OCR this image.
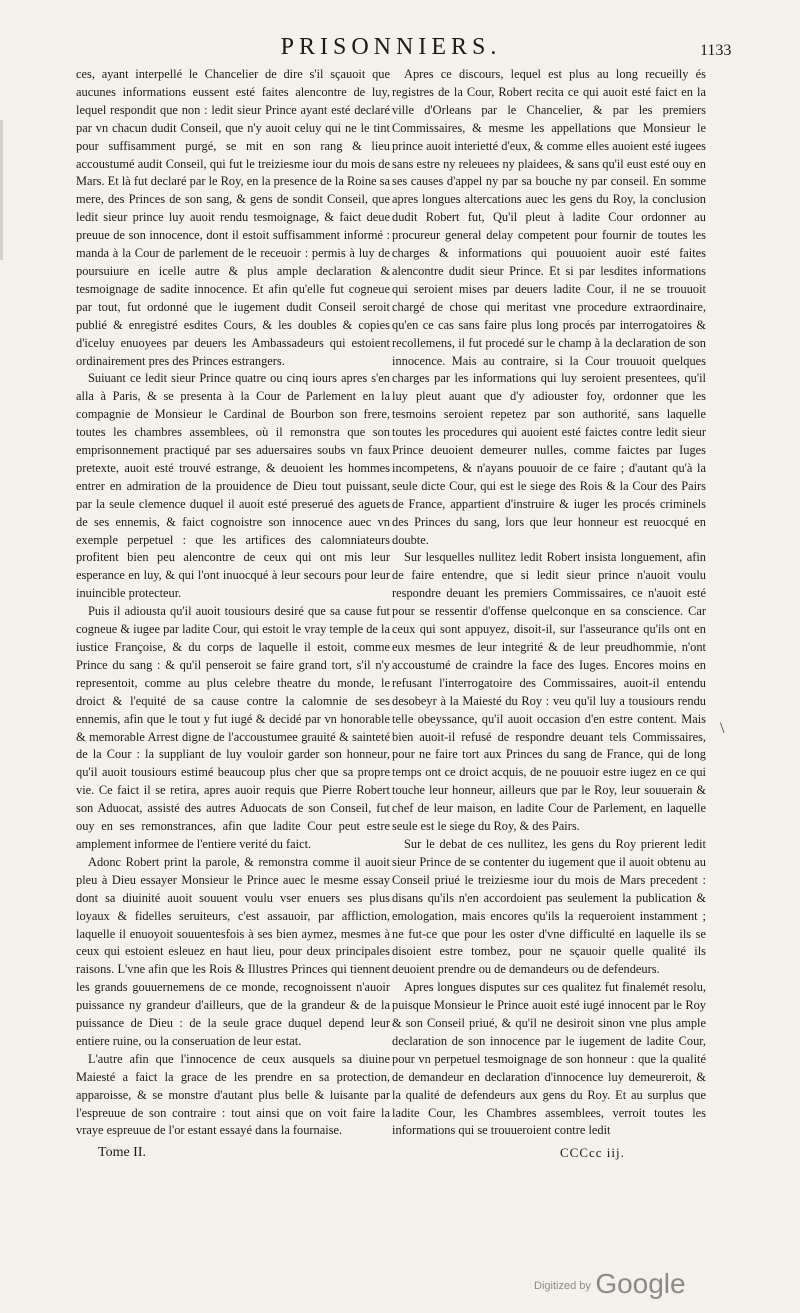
PRISONNIERS.	1133

ces, ayant interpellé le Chancelier de dire s'il sçauoit que aucunes informations eussent esté faites alencontre de luy, lequel respondit que non : ledit sieur Prince ayant esté declaré par vn chacun dudit Conseil, que n'y auoit celuy qui ne le tint pour suffisamment purgé, se mit en son rang & lieu accoustumé audit Conseil, qui fut le treiziesme iour du mois de Mars. Et là fut declaré par le Roy, en la presence de la Roine sa mere, des Princes de son sang, & gens de sondit Conseil, que ledit sieur prince luy auoit rendu tesmoignage, & faict deue preuue de son innocence, dont il estoit suffisamment informé : manda à la Cour de parlement de le receuoir : permis à luy de poursuiure en icelle autre & plus ample declaration & tesmoignage de sadite innocence. Et afin qu'elle fut cogneue par tout, fut ordonné que le iugement dudit Conseil seroit publié & enregistré esdites Cours, & les doubles & copies d'iceluy enuoyees par deuers les Ambassadeurs qui estoient ordinairement pres des Princes estrangers.

Suiuant ce ledit sieur Prince quatre ou cinq iours apres s'en alla à Paris, & se presenta à la Cour de Parlement en la compagnie de Monsieur le Cardinal de Bourbon son frere, toutes les chambres assemblees, où il remonstra que son emprisonnement practiqué par ses aduersaires soubs vn faux pretexte, auoit esté trouvé estrange, & deuoient les hommes entrer en admiration de la prouidence de Dieu tout puissant, par la seule clemence duquel il auoit esté preserué des aguets de ses ennemis, & faict cognoistre son innocence auec vn exemple perpetuel : que les artifices des calomniateurs profitent bien peu alencontre de ceux qui ont mis leur esperance en luy, & qui l'ont inuocqué à leur secours pour leur inuincible protecteur.

Puis il adiousta qu'il auoit tousiours desiré que sa cause fut cogneue & iugee par ladite Cour, qui estoit le vray temple de la iustice Françoise, & du corps de laquelle il estoit, comme Prince du sang : & qu'il penseroit se faire grand tort, s'il n'y representoit, comme au plus celebre theatre du monde, le droict & l'equité de sa cause contre la calomnie de ses ennemis, afin que le tout y fut iugé & decidé par vn honorable & memorable Arrest digne de l'accoustumee grauité & sainteté de la Cour : la suppliant de luy vouloir garder son honneur, qu'il auoit tousiours estimé beaucoup plus cher que sa propre vie. Ce faict il se retira, apres auoir requis que Pierre Robert son Aduocat, assisté des autres Aduocats de son Conseil, fut ouy en ses remonstrances, afin que ladite Cour peut estre amplement informee de l'entiere verité du faict.

Adonc Robert print la parole, & remonstra comme il auoit pleu à Dieu essayer Monsieur le Prince auec le mesme essay dont sa diuinité auoit souuent voulu vser enuers ses plus loyaux & fidelles seruiteurs, c'est assauoir, par affliction, laquelle il enuoyoit souuentesfois à ses bien aymez, mesmes à ceux qui estoient esleuez en haut lieu, pour deux principales raisons. L'vne afin que les Rois & Illustres Princes qui tiennent les grands gouuernemens de ce monde, recognoissent n'auoir puissance ny grandeur d'ailleurs, que de la grandeur & de la puissance de Dieu : de la seule grace duquel depend leur entiere ruine, ou la conseruation de leur estat.

L'autre afin que l'innocence de ceux ausquels sa diuine Maiesté a faict la grace de les prendre en sa protection, apparoisse, & se monstre d'autant plus belle & luisante par l'espreuue de son contraire : tout ainsi que on voit faire la vraye espreuue de l'or estant essayé dans la fournaise.

Apres ce discours, lequel est plus au long recueilly és registres de la Cour, Robert recita ce qui auoit esté faict en la ville d'Orleans par le Chancelier, & par les premiers Commissaires, & mesme les appellations que Monsieur le prince auoit interietté d'eux, & comme elles auoient esté iugees sans estre ny releuees ny plaidees, & sans qu'il eust esté ouy en ses causes d'appel ny par sa bouche ny par conseil. En somme apres longues altercations auec les gens du Roy, la conclusion dudit Robert fut, Qu'il pleut à ladite Cour ordonner au procureur general delay competent pour fournir de toutes les charges & informations qui pouuoient auoir esté faites alencontre dudit sieur Prince. Et si par lesdites informations qui seroient mises par deuers ladite Cour, il ne se trouuoit chargé de chose qui meritast vne procedure extraordinaire, qu'en ce cas sans faire plus long procés par interrogatoires & recollemens, il fut procedé sur le champ à la declaration de son innocence. Mais au contraire, si la Cour trouuoit quelques charges par les informations qui luy seroient presentees, qu'il luy pleut auant que d'y adiouster foy, ordonner que les tesmoins seroient repetez par son authorité, sans laquelle toutes les procedures qui auoient esté faictes contre ledit sieur Prince deuoient demeurer nulles, comme faictes par Iuges incompetens, & n'ayans pouuoir de ce faire ; d'autant qu'à la seule dicte Cour, qui est le siege des Rois & la Cour des Pairs de France, appartient d'instruire & iuger les procés criminels des Princes du sang, lors que leur honneur est reuocqué en doubte.

Sur lesquelles nullitez ledit Robert insista longuement, afin de faire entendre, que si ledit sieur prince n'auoit voulu respondre deuant les premiers Commissaires, ce n'auoit esté pour se ressentir d'offense quelconque en sa conscience. Car ceux qui sont appuyez, disoit-il, sur l'asseurance qu'ils ont en eux mesmes de leur integrité & de leur preudhommie, n'ont accoustumé de craindre la face des Iuges. Encores moins en refusant l'interrogatoire des Commissaires, auoit-il entendu desobeyr à la Maiesté du Roy : veu qu'il luy a tousiours rendu telle obeyssance, qu'il auoit occasion d'en estre content. Mais bien auoit-il refusé de respondre deuant tels Commissaires, pour ne faire tort aux Princes du sang de France, qui de long temps ont ce droict acquis, de ne pouuoir estre iugez en ce qui touche leur honneur, ailleurs que par le Roy, leur souuerain & chef de leur maison, en ladite Cour de Parlement, en laquelle seule est le siege du Roy, & des Pairs.

Sur le debat de ces nullitez, les gens du Roy prierent ledit sieur Prince de se contenter du iugement que il auoit obtenu au Conseil priué le treiziesme iour du mois de Mars precedent : disans qu'ils n'en accordoient pas seulement la publication & emologation, mais encores qu'ils la requeroient instamment ; ne fut-ce que pour les oster d'vne difficulté en laquelle ils se disoient estre tombez, pour ne sçauoir quelle qualité ils deuoient prendre ou de demandeurs ou de defendeurs.

Apres longues disputes sur ces qualitez fut finalemét resolu, puisque Monsieur le Prince auoit esté iugé innocent par le Roy & son Conseil priué, & qu'il ne desiroit sinon vne plus ample declaration de son innocence par le iugement de ladite Cour, pour vn perpetuel tesmoignage de son honneur : que la qualité de demandeur en declaration d'innocence luy demeureroit, & la qualité de defendeurs aux gens du Roy. Et au surplus que ladite Cour, les Chambres assemblees, verroit toutes les informations qui se trouueroient contre ledit

\
Tome II.	CCCcc iij.
$^{Digitized by}$ Google
